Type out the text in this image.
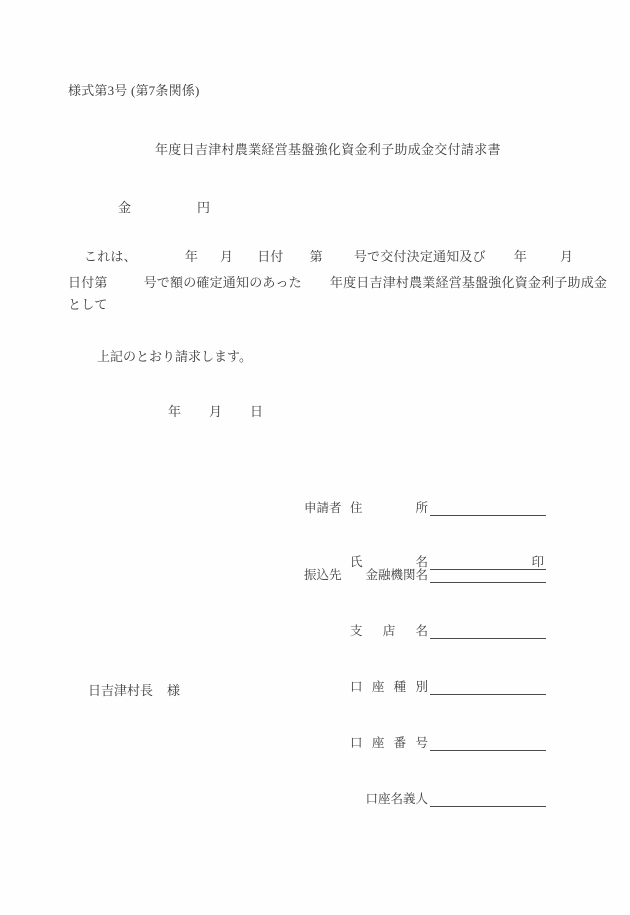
様式第3号 (第7条関係)
年度日吉津村農業経営基盤強化資金利子助成金交付請求書
金	円
これは、	年 月 日付 第 号で交付決定通知及び 年	月
日付第	号で額の確定通知のあった 年度日吉津村農業経営基盤強化資金利子助成金
として
上記のとおり請求します。
年 月 日

申請者 住　所

氏　名	印

振込先	金融機関名

支　店　名

口 座 種 別

口 座 番 号

口座名義人

日吉津村長 様
